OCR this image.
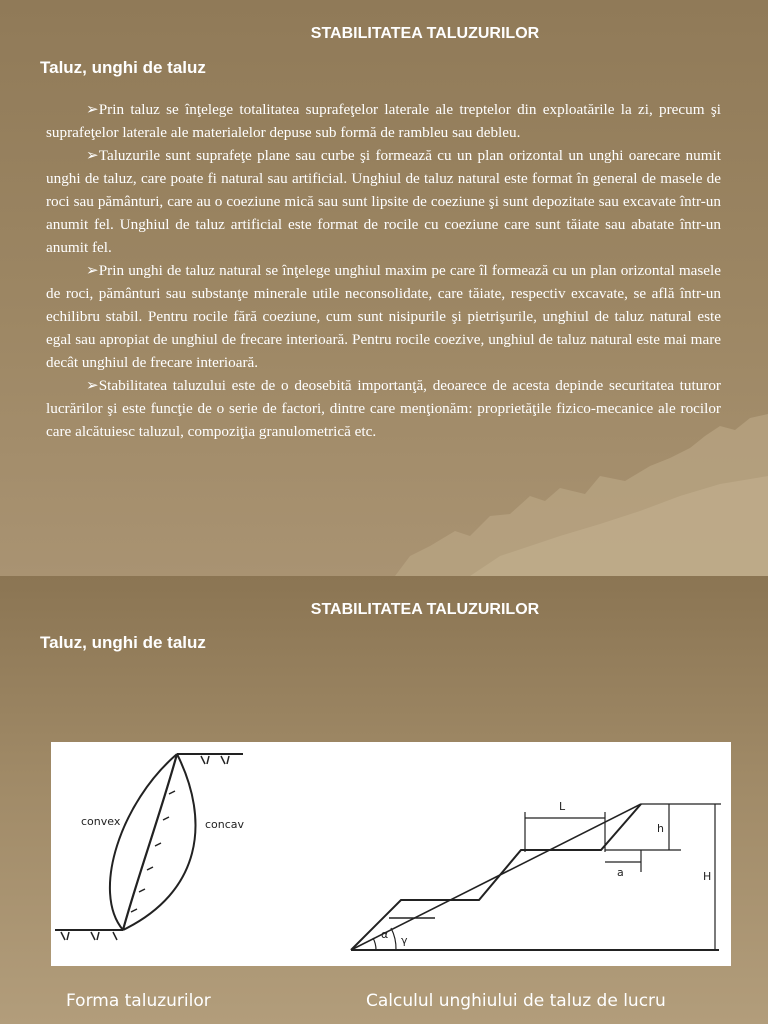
STABILITATEA TALUZURILOR
Taluz, unghi de taluz

➢Prin taluz se înţelege totalitatea suprafeţelor laterale ale treptelor din exploatările la zi, precum şi suprafeţelor laterale ale materialelor depuse sub formă de rambleu sau debleu.

➢Taluzurile sunt suprafeţe plane sau curbe şi formează cu un plan orizontal un unghi oarecare numit unghi de taluz, care poate fi natural sau artificial. Unghiul de taluz natural este format în general de masele de roci sau pământuri, care au o coeziune mică sau sunt lipsite de coeziune şi sunt depozitate sau excavate într-un anumit fel. Unghiul de taluz artificial este format de rocile cu coeziune care sunt tăiate sau abatate într-un anumit fel.

➢Prin unghi de taluz natural se înţelege unghiul maxim pe care îl formează cu un plan orizontal masele de roci, pământuri sau substanţe minerale utile neconsolidate, care tăiate, respectiv excavate, se află într-un echilibru stabil. Pentru rocile fără coeziune, cum sunt nisipurile şi pietrişurile, unghiul de taluz natural este egal sau apropiat de unghiul de frecare interioară. Pentru rocile coezive, unghiul de taluz natural este mai mare decât unghiul de frecare interioară.

➢Stabilitatea taluzului este de o deosebită importanţă, deoarece de acesta depinde securitatea tuturor lucrărilor şi este funcţie de o serie de factori, dintre care menţionăm: proprietăţile fizico-mecanice ale rocilor care alcătuiesc taluzul, compoziţia granulometrică etc.

STABILITATEA TALUZURILOR
Taluz, unghi de taluz
convex	concav
L
h
a	H
α γ
Forma taluzurilor	Calculul unghiului de taluz de lucru
